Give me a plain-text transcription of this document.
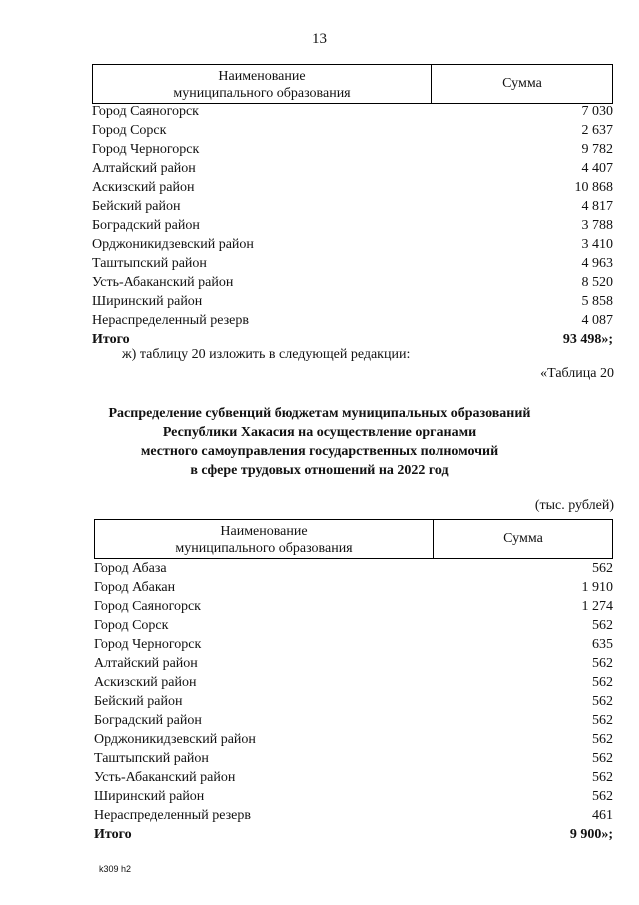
13
Наименование
муниципального образования
Сумма
Город Саяногорск	7 030
Город Сорск	2 637
Город Черногорск	9 782
Алтайский район	4 407
Аскизский район	10 868
Бейский район	4 817
Боградский район	3 788
Орджоникидзевский район	3 410
Таштыпский район	4 963
Усть-Абаканский район	8 520
Ширинский район	5 858
Нераспределенный резерв	4 087
Итого	93 498»;
ж) таблицу 20 изложить в следующей редакции:
«Таблица 20
Распределение субвенций бюджетам муниципальных образований
Республики Хакасия на осуществление органами
местного самоуправления государственных полномочий
в сфере трудовых отношений на 2022 год
(тыс. рублей)
Наименование
муниципального образования
Сумма
Город Абаза	562
Город Абакан	1 910
Город Саяногорск	1 274
Город Сорск	562
Город Черногорск	635
Алтайский район	562
Аскизский район	562
Бейский район	562
Боградский район	562
Орджоникидзевский район	562
Таштыпский район	562
Усть-Абаканский район	562
Ширинский район	562
Нераспределенный резерв	461
Итого	9 900»;
k309 h2
